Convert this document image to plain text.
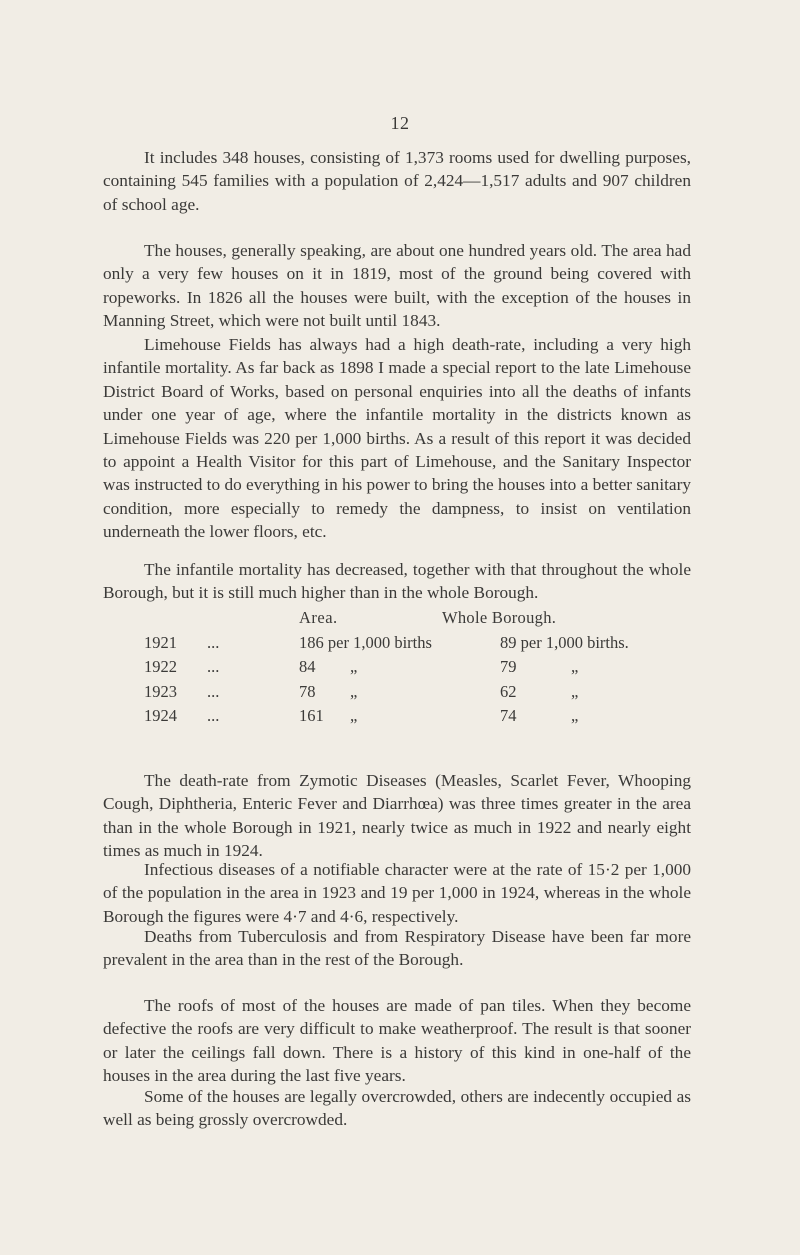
12

It includes 348 houses, consisting of 1,373 rooms used for dwelling purposes, containing 545 families with a population of 2,424—1,517 adults and 907 children of school age.

The houses, generally speaking, are about one hundred years old. The area had only a very few houses on it in 1819, most of the ground being covered with ropeworks. In 1826 all the houses were built, with the exception of the houses in Manning Street, which were not built until 1843.

Limehouse Fields has always had a high death-rate, including a very high infantile mortality. As far back as 1898 I made a special report to the late Limehouse District Board of Works, based on personal enquiries into all the deaths of infants under one year of age, where the infantile mortality in the districts known as Limehouse Fields was 220 per 1,000 births. As a result of this report it was decided to appoint a Health Visitor for this part of Limehouse, and the Sanitary Inspector was instructed to do everything in his power to bring the houses into a better sanitary condition, more especially to remedy the dampness, to insist on ventilation underneath the lower floors, etc.

The infantile mortality has decreased, together with that throughout the whole Borough, but it is still much higher than in the whole Borough.

Area.	Whole Borough.
1921 ...	186 per 1,000 births	89 per 1,000 births.
1922 ...	84 „	79	„
1923 ...	78 „	62	„
1924 ...	161 „	74	„

The death-rate from Zymotic Diseases (Measles, Scarlet Fever, Whooping Cough, Diphtheria, Enteric Fever and Diarrhœa) was three times greater in the area than in the whole Borough in 1921, nearly twice as much in 1922 and nearly eight times as much in 1924.

Infectious diseases of a notifiable character were at the rate of 15·2 per 1,000 of the population in the area in 1923 and 19 per 1,000 in 1924, whereas in the whole Borough the figures were 4·7 and 4·6, respectively.

Deaths from Tuberculosis and from Respiratory Disease have been far more prevalent in the area than in the rest of the Borough.

The roofs of most of the houses are made of pan tiles. When they become defective the roofs are very difficult to make weatherproof. The result is that sooner or later the ceilings fall down. There is a history of this kind in one-half of the houses in the area during the last five years.

Some of the houses are legally overcrowded, others are indecently occupied as well as being grossly overcrowded.
